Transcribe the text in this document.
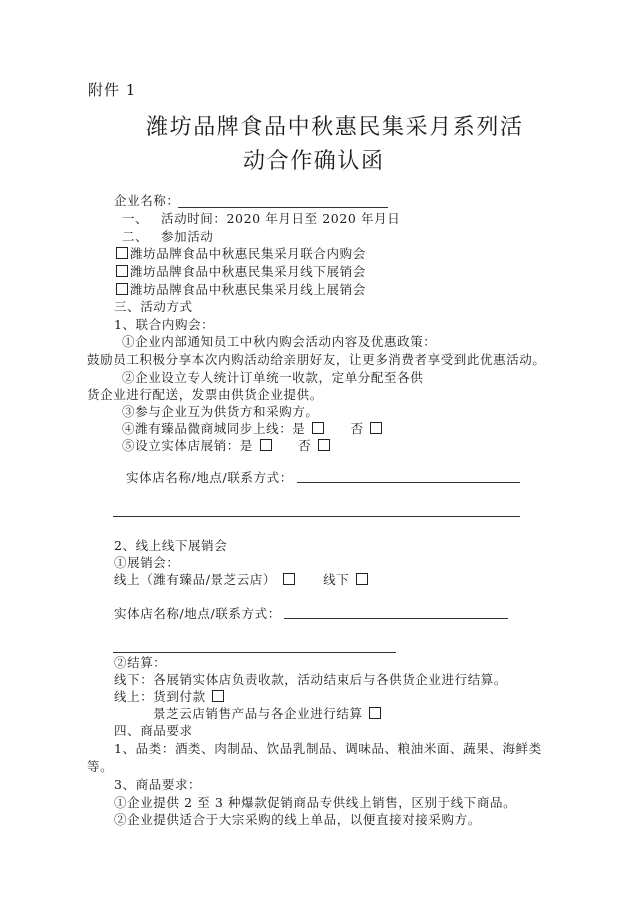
附件 1
潍坊品牌食品中秋惠民集采月系列活
动合作确认函
企业名称：
一、 活动时间：2020 年月日至 2020 年月日
二、 参加活动
潍坊品牌食品中秋惠民集采月联合内购会
潍坊品牌食品中秋惠民集采月线下展销会
潍坊品牌食品中秋惠民集采月线上展销会
三、活动方式
1、联合内购会：
①企业内部通知员工中秋内购会活动内容及优惠政策：
鼓励员工积极分享本次内购活动给亲朋好友，让更多消费者享受到此优惠活动。
②企业设立专人统计订单统一收款，定单分配至各供
货企业进行配送，发票由供货企业提供。
③参与企业互为供货方和采购方。
④潍有臻品微商城同步上线：是	否
⑤设立实体店展销：是	否
实体店名称/地点/联系方式：
2、线上线下展销会
①展销会：
线上（潍有臻品/景芝云店）	线下
实体店名称/地点/联系方式：
②结算：
线下：各展销实体店负责收款，活动结束后与各供货企业进行结算。
线上：货到付款
景芝云店销售产品与各企业进行结算
四、商品要求
1、品类：酒类、肉制品、饮品乳制品、调味品、粮油米面、蔬果、海鲜类
等。
3、商品要求：
①企业提供 2 至 3 种爆款促销商品专供线上销售，区别于线下商品。
②企业提供适合于大宗采购的线上单品，以便直接对接采购方。
